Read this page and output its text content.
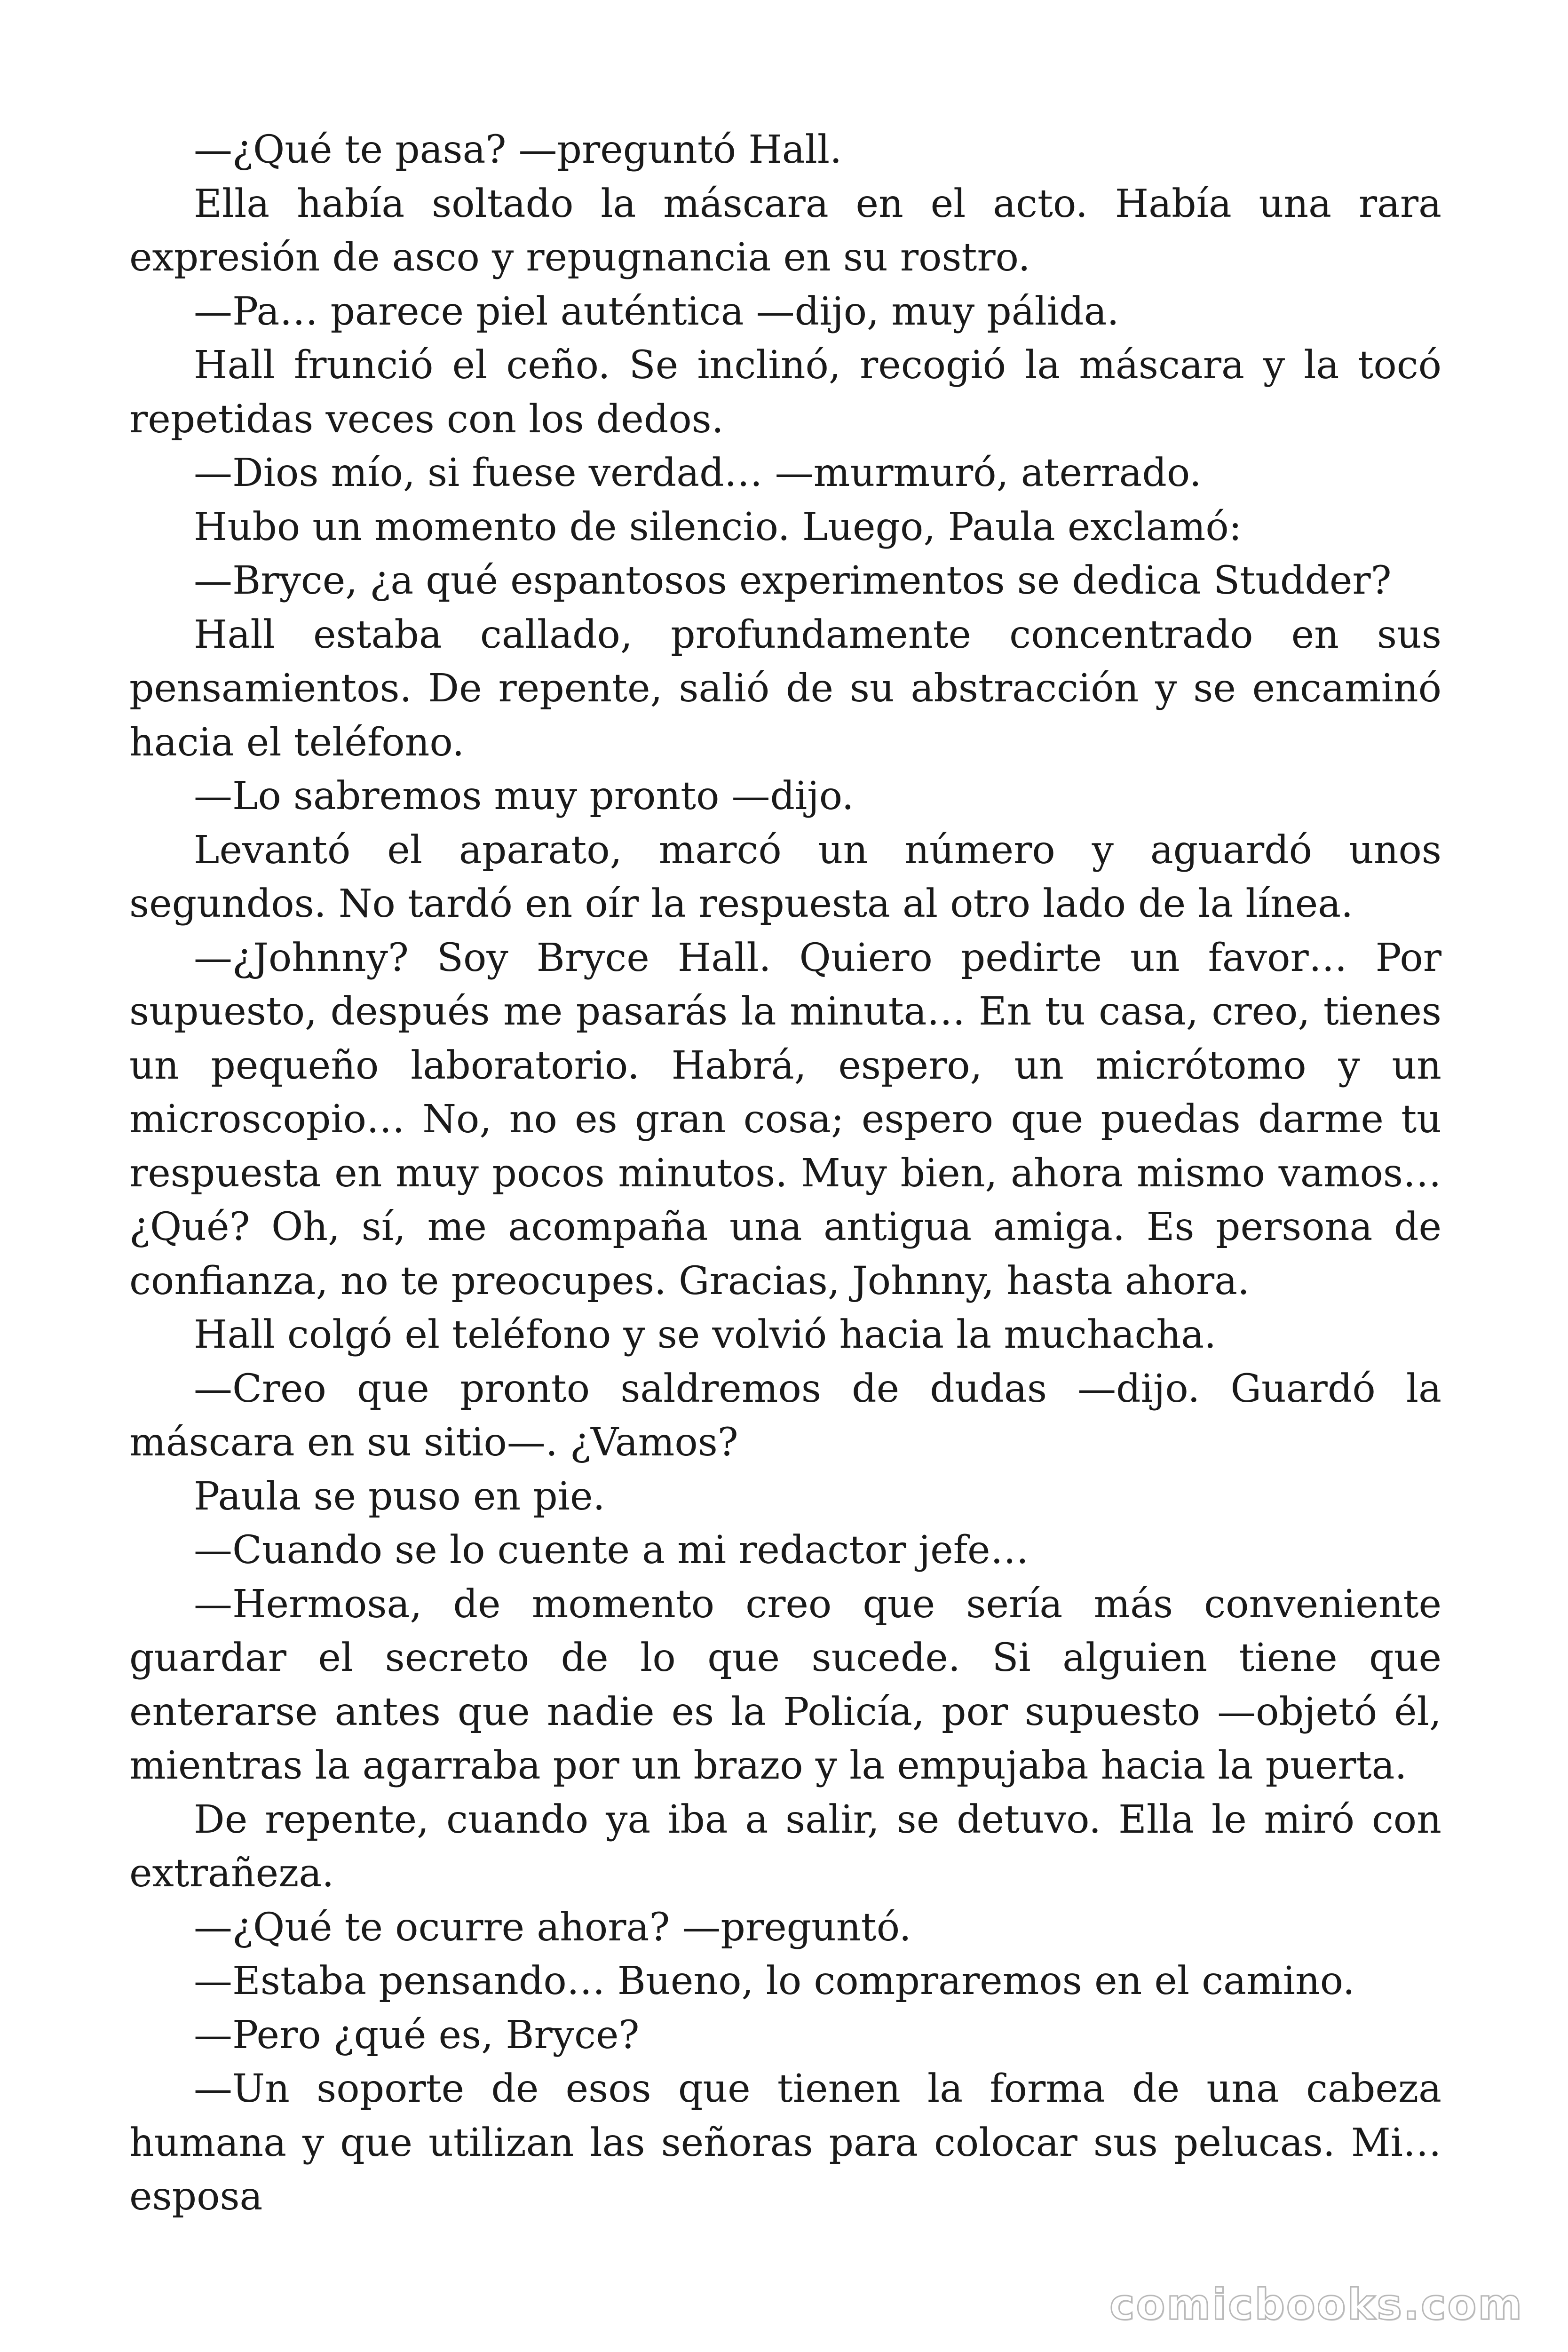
—¿Qué te pasa? —preguntó Hall.

Ella había soltado la máscara en el acto. Había una rara expresión de asco y repugnancia en su rostro.

—Pa… parece piel auténtica —dijo, muy pálida.

Hall frunció el ceño. Se inclinó, recogió la máscara y la tocó repetidas veces con los dedos.

—Dios mío, si fuese verdad… —murmuró, aterrado.

Hubo un momento de silencio. Luego, Paula exclamó:

—Bryce, ¿a qué espantosos experimentos se dedica Studder?

Hall estaba callado, profundamente concentrado en sus pensamientos. De repente, salió de su abstracción y se encaminó hacia el teléfono.

—Lo sabremos muy pronto —dijo.

Levantó el aparato, marcó un número y aguardó unos segundos. No tardó en oír la respuesta al otro lado de la línea.

—¿Johnny? Soy Bryce Hall. Quiero pedirte un favor… Por supuesto, después me pasarás la minuta… En tu casa, creo, tienes un pequeño laboratorio. Habrá, espero, un micrótomo y un microscopio… No, no es gran cosa; espero que puedas darme tu respuesta en muy pocos minutos. Muy bien, ahora mismo vamos… ¿Qué? Oh, sí, me acompaña una antigua amiga. Es persona de confianza, no te preocupes. Gracias, Johnny, hasta ahora.

Hall colgó el teléfono y se volvió hacia la muchacha.

—Creo que pronto saldremos de dudas —dijo. Guardó la máscara en su sitio—. ¿Vamos?

Paula se puso en pie.

—Cuando se lo cuente a mi redactor jefe…

—Hermosa, de momento creo que sería más conveniente guardar el secreto de lo que sucede. Si alguien tiene que enterarse antes que nadie es la Policía, por supuesto —objetó él, mientras la agarraba por un brazo y la empujaba hacia la puerta.

De repente, cuando ya iba a salir, se detuvo. Ella le miró con extrañeza.

—¿Qué te ocurre ahora? —preguntó.

—Estaba pensando… Bueno, lo compraremos en el camino.

—Pero ¿qué es, Bryce?

—Un soporte de esos que tienen la forma de una cabeza humana y que utilizan las señoras para colocar sus pelucas. Mi… esposa

comicbooks.com
